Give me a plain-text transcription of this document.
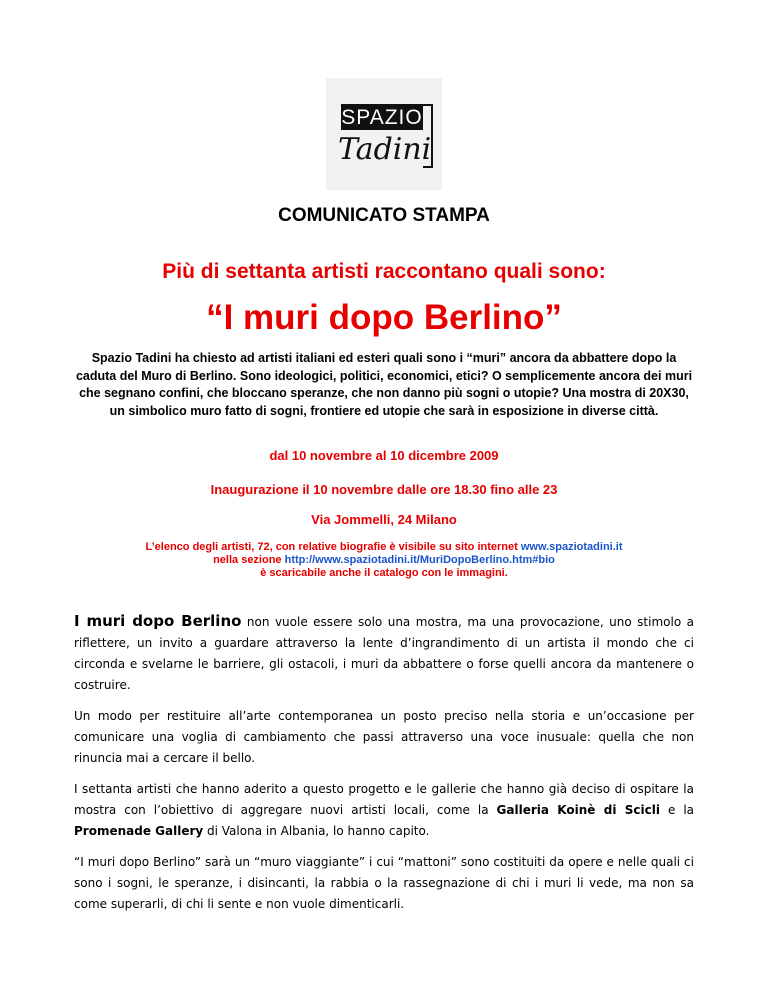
SPAZIO
Tadini
COMUNICATO STAMPA
Più di settanta artisti raccontano quali sono:
“I muri dopo Berlino”
Spazio Tadini ha chiesto ad artisti italiani ed esteri quali sono i “muri” ancora da abbattere dopo la caduta del Muro di Berlino. Sono ideologici, politici, economici, etici? O semplicemente ancora dei muri che segnano confini, che bloccano speranze, che non danno più sogni o utopie? Una mostra di 20X30, un simbolico muro fatto di sogni, frontiere ed utopie che sarà in esposizione in diverse città.
dal 10 novembre al 10 dicembre 2009
Inaugurazione il 10 novembre dalle ore 18.30 fino alle 23
Via Jommelli, 24 Milano
L’elenco degli artisti, 72, con relative biografie è visibile su sito internet www.spaziotadini.it
nella sezione http://www.spaziotadini.it/MuriDopoBerlino.htm#bio
è scaricabile anche il catalogo con le immagini.
I muri dopo Berlino non vuole essere solo una mostra, ma una provocazione, uno stimolo a riflettere, un invito a guardare attraverso la lente d’ingrandimento di un artista il mondo che ci circonda e svelarne le barriere, gli ostacoli, i muri da abbattere o forse quelli ancora da mantenere o costruire.
Un modo per restituire all’arte contemporanea un posto preciso nella storia e un’occasione per comunicare una voglia di cambiamento che passi attraverso una voce inusuale: quella che non rinuncia mai a cercare il bello.
I settanta artisti che hanno aderito a questo progetto e le gallerie che hanno già deciso di ospitare la mostra con l’obiettivo di aggregare nuovi artisti locali, come la Galleria Koinè di Scicli e la Promenade Gallery di Valona in Albania, lo hanno capito.
“I muri dopo Berlino” sarà un “muro viaggiante” i cui “mattoni” sono costituiti da opere e nelle quali ci sono i sogni, le speranze, i disincanti, la rabbia o la rassegnazione di chi i muri li vede, ma non sa come superarli, di chi li sente e non vuole dimenticarli.
